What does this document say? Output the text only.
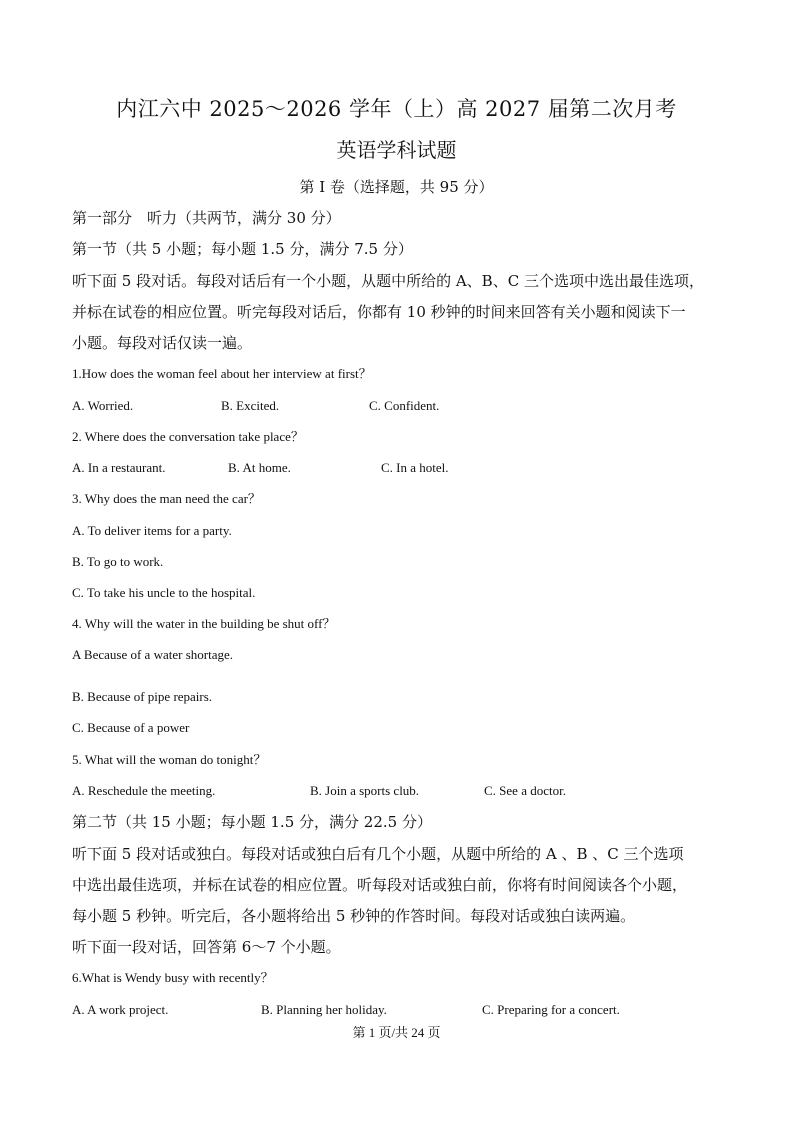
内江六中 2025～2026 学年（上）高 2027 届第二次月考
英语学科试题
第 I 卷（选择题，共 95 分）
第一部分　听力（共两节，满分 30 分）
第一节（共 5 小题；每小题 1.5 分，满分 7.5 分）

听下面 5 段对话。每段对话后有一个小题，从题中所给的 A、B、C 三个选项中选出最佳选项，

并标在试卷的相应位置。听完每段对话后，你都有 10 秒钟的时间来回答有关小题和阅读下一

小题。每段对话仅读一遍。

1.How does the woman feel about her interview at first？
A. Worried.	B. Excited.	C. Confident.
2. Where does the conversation take place？
A. In a restaurant.	B. At home.	C. In a hotel.
3. Why does the man need the car？
A. To deliver items for a party.
B. To go to work.
C. To take his uncle to the hospital.
4. Why will the water in the building be shut off？
A Because of a water shortage.
B. Because of pipe repairs.
C. Because of a power
5. What will the woman do tonight？
A. Reschedule the meeting.	B. Join a sports club.	C. See a doctor.
第二节（共 15 小题；每小题 1.5 分，满分 22.5 分）

听下面 5 段对话或独白。每段对话或独白后有几个小题，从题中所给的 A 、B 、C 三个选项

中选出最佳选项，并标在试卷的相应位置。听每段对话或独白前，你将有时间阅读各个小题，

每小题 5 秒钟。听完后，各小题将给出 5 秒钟的作答时间。每段对话或独白读两遍。

听下面一段对话，回答第 6～7 个小题。
6.What is Wendy busy with recently？
A. A work project.	B. Planning her holiday.	C. Preparing for a concert.
第 1 页/共 24 页
